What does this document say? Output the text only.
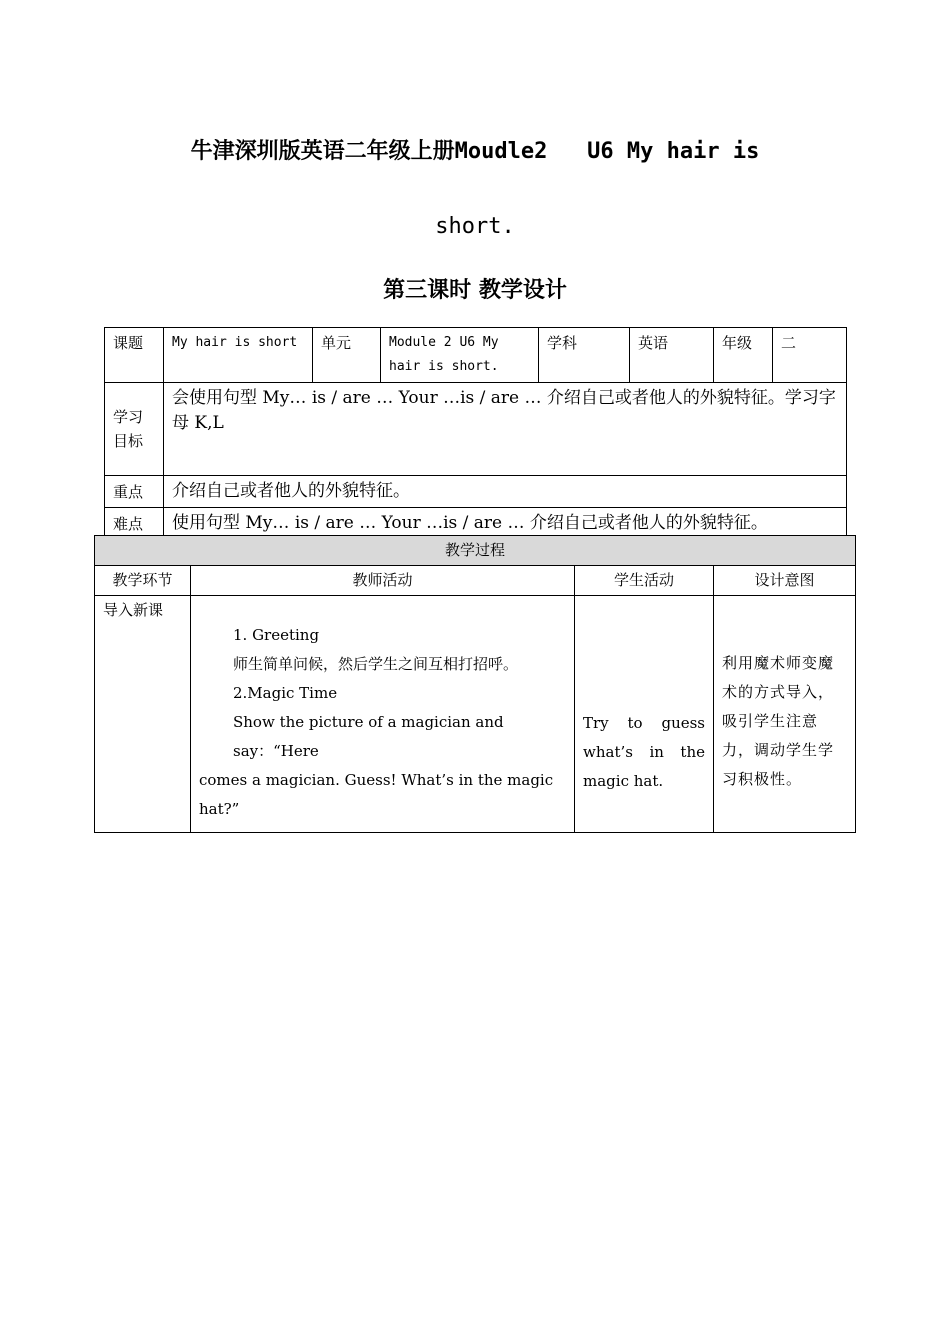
牛津深圳版英语二年级上册Moudle2   U6 My hair is
short.
第三课时 教学设计
课题	My hair is short	单元	Module 2 U6 My hair is short.	学科	英语	年级	二
学习目标	会使用句型 My… is / are … Your …is / are … 介绍自己或者他人的外貌特征。学习字母 K,L						
重点	介绍自己或者他人的外貌特征。						
难点	使用句型 My… is / are … Your …is / are … 介绍自己或者他人的外貌特征。						
教学过程			
教学环节	教师活动	学生活动	设计意图
导入新课	1. Greeting
师生简单问候，然后学生之间互相打招呼。
2.Magic Time
Show the picture of a magician and say：“Here
comes a magician. Guess! What’s in the magic hat?”	Try to guess what’s in the magic hat.	利用魔术师变魔术的方式导入，吸引学生注意力，调动学生学习积极性。
